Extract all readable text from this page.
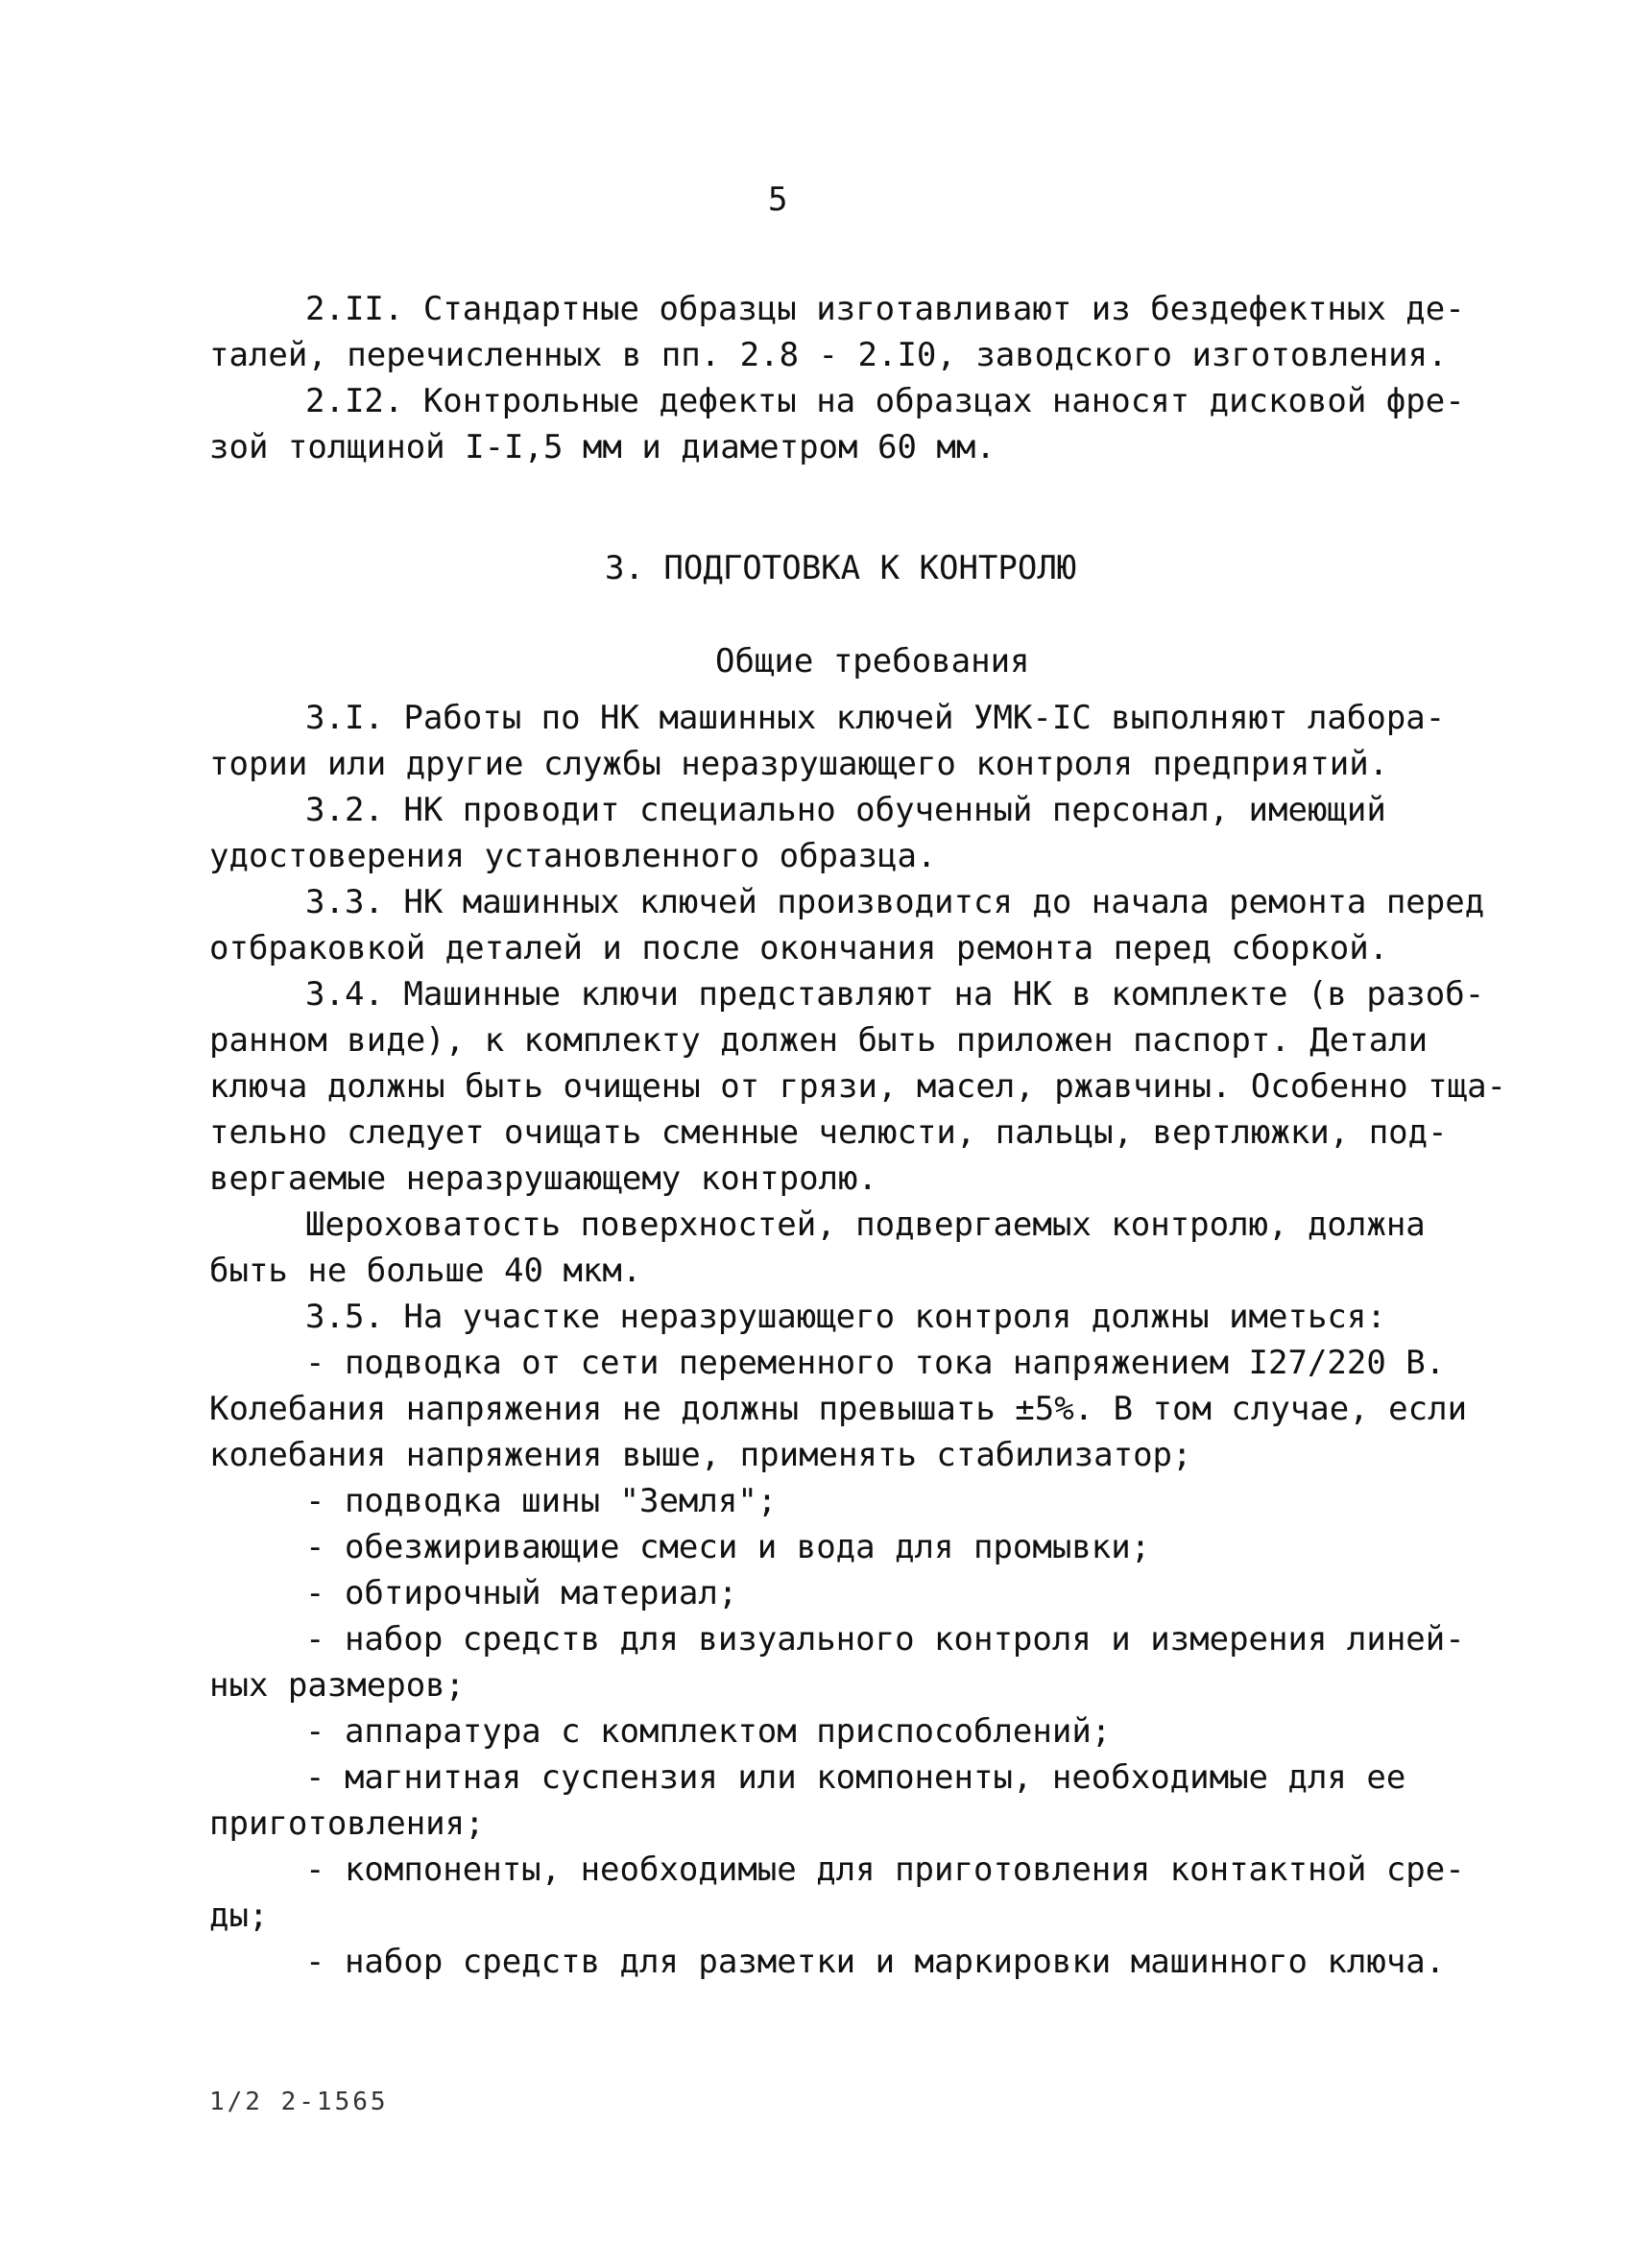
5
2.II. Стандартные образцы изготавливают из бездефектных де-
талей, перечисленных в пп. 2.8 - 2.I0, заводского изготовления.
2.I2. Контрольные дефекты на образцах наносят дисковой фре-
зой толщиной I-I,5 мм и диаметром 60 мм.
3. ПОДГОТОВКА К КОНТРОЛЮ
Общие требования
3.I. Работы по НК машинных ключей УМК-IC выполняют лабора-
тории или другие службы неразрушающего контроля предприятий.
3.2. НК проводит специально обученный персонал, имеющий
удостоверения установленного образца.
3.3. НК машинных ключей производится до начала ремонта перед
отбраковкой деталей и после окончания ремонта перед сборкой.
3.4. Машинные ключи представляют на НК в комплекте (в разоб-
ранном виде), к комплекту должен быть приложен паспорт. Детали
ключа должны быть очищены от грязи, масел, ржавчины. Особенно тща-
тельно следует очищать сменные челюсти, пальцы, вертлюжки, под-
вергаемые неразрушающему контролю.
Шероховатость поверхностей, подвергаемых контролю, должна
быть не больше 40 мкм.
3.5. На участке неразрушающего контроля должны иметься:
- подводка от сети переменного тока напряжением I27/220 В.
Колебания напряжения не должны превышать ±5%. В том случае, если
колебания напряжения выше, применять стабилизатор;
- подводка шины "Земля";
- обезжиривающие смеси и вода для промывки;
- обтирочный материал;
- набор средств для визуального контроля и измерения линей-
ных размеров;
- аппаратура с комплектом приспособлений;
- магнитная суспензия или компоненты, необходимые для ее
приготовления;
- компоненты, необходимые для приготовления контактной сре-
ды;
- набор средств для разметки и маркировки машинного ключа.
1/2 2-1565
